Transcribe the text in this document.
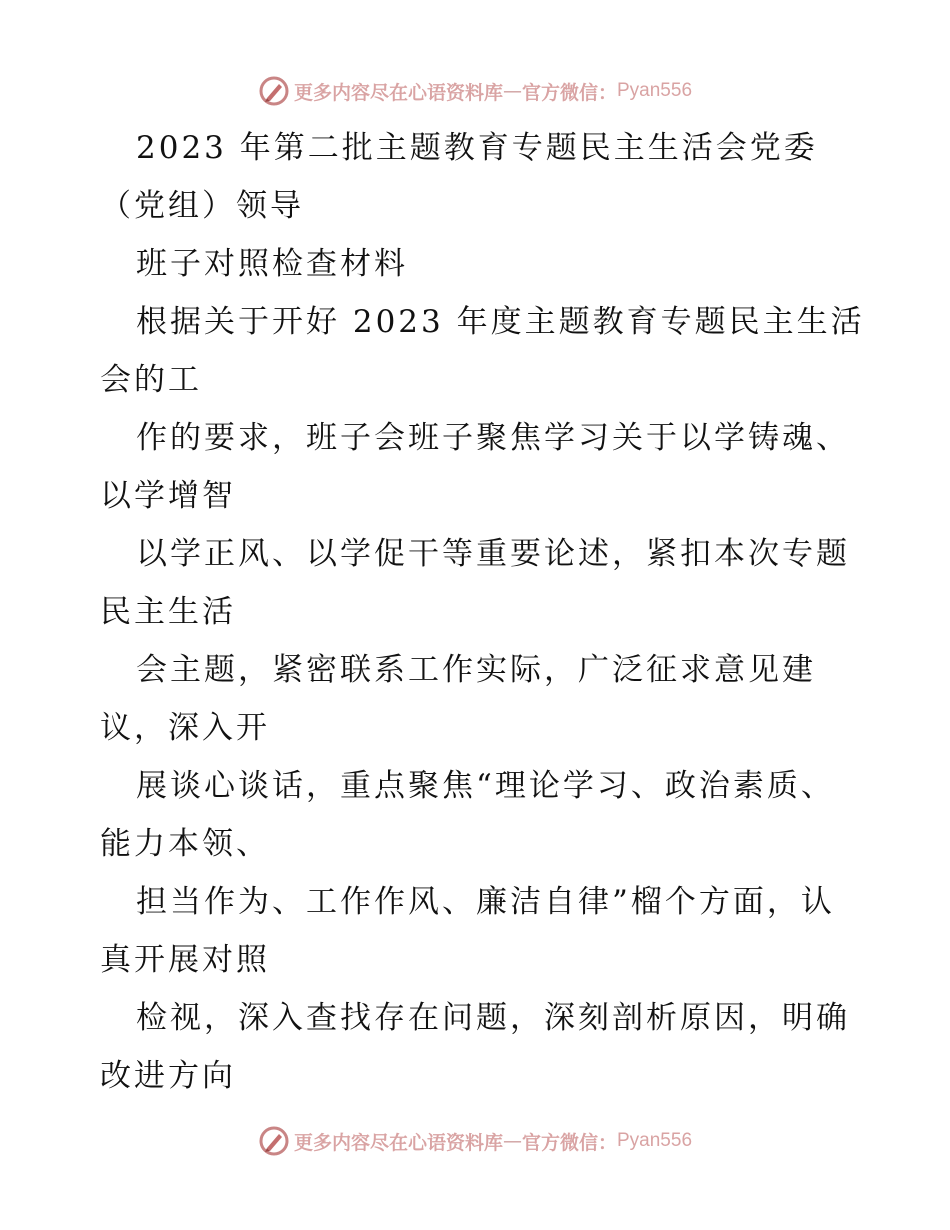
更多内容尽在心语资料库 — 官方微信： Pyan556
2023 年第二批主题教育专题民主生活会党委
（党组）领导
班子对照检查材料
根据关于开好 2023 年度主题教育专题民主生活
会的工
作的要求，班子会班子聚焦学习关于以学铸魂、
以学增智
以学正风、以学促干等重要论述，紧扣本次专题
民主生活
会主题，紧密联系工作实际，广泛征求意见建
议，深入开
展谈心谈话，重点聚焦“理论学习、政治素质、
能力本领、
担当作为、工作作风、廉洁自律”榴个方面，认
真开展对照
检视，深入查找存在问题，深刻剖析原因，明确
改进方向
更多内容尽在心语资料库 — 官方微信： Pyan556
